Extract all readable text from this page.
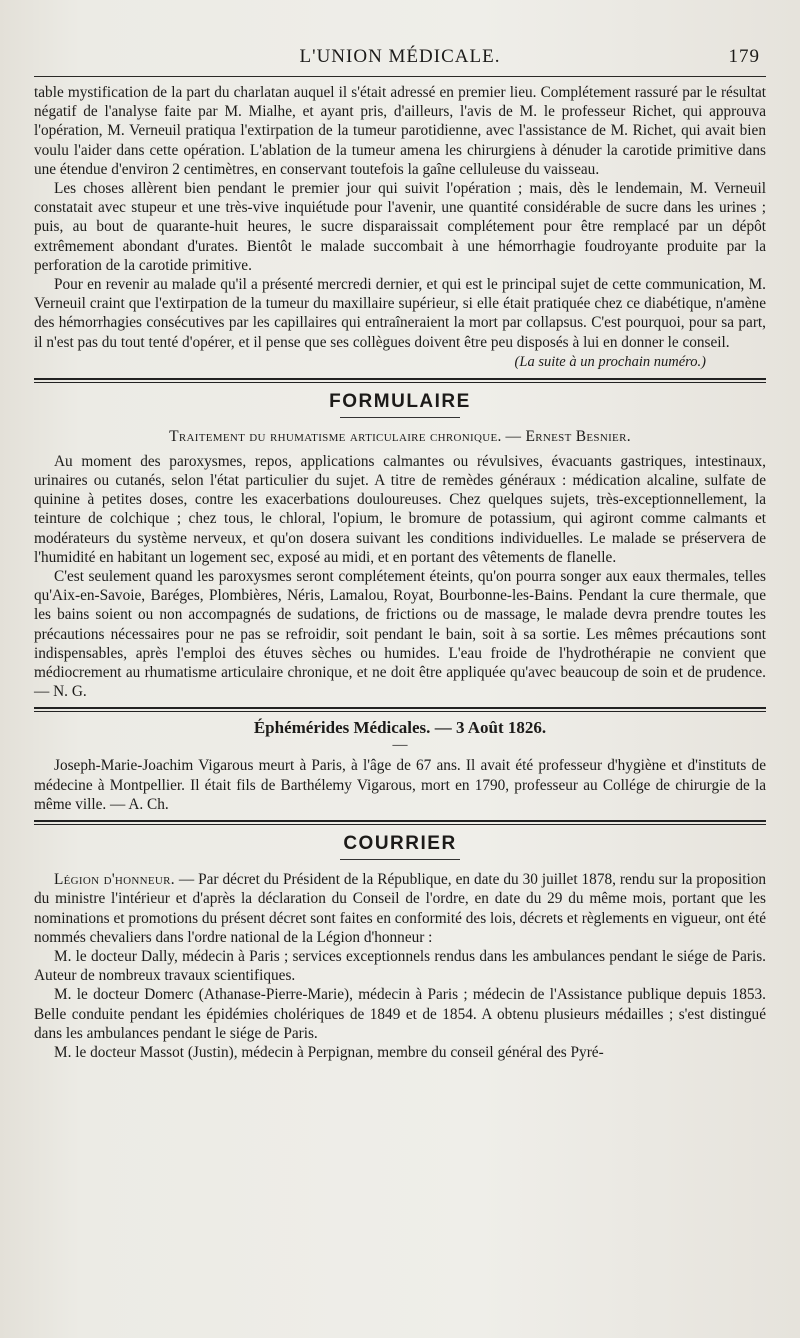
L'UNION MÉDICALE.	179

table mystification de la part du charlatan auquel il s'était adressé en premier lieu. Complétement rassuré par le résultat négatif de l'analyse faite par M. Mialhe, et ayant pris, d'ailleurs, l'avis de M. le professeur Richet, qui approuva l'opération, M. Verneuil pratiqua l'extirpation de la tumeur parotidienne, avec l'assistance de M. Richet, qui avait bien voulu l'aider dans cette opération. L'ablation de la tumeur amena les chirurgiens à dénuder la carotide primitive dans une étendue d'environ 2 centimètres, en conservant toutefois la gaîne celluleuse du vaisseau.

Les choses allèrent bien pendant le premier jour qui suivit l'opération ; mais, dès le lendemain, M. Verneuil constatait avec stupeur et une très-vive inquiétude pour l'avenir, une quantité considérable de sucre dans les urines ; puis, au bout de quarante-huit heures, le sucre disparaissait complétement pour être remplacé par un dépôt extrêmement abondant d'urates. Bientôt le malade succombait à une hémorrhagie foudroyante produite par la perforation de la carotide primitive.

Pour en revenir au malade qu'il a présenté mercredi dernier, et qui est le principal sujet de cette communication, M. Verneuil craint que l'extirpation de la tumeur du maxillaire supérieur, si elle était pratiquée chez ce diabétique, n'amène des hémorrhagies consécutives par les capillaires qui entraîneraient la mort par collapsus. C'est pourquoi, pour sa part, il n'est pas du tout tenté d'opérer, et il pense que ses collègues doivent être peu disposés à lui en donner le conseil.

(La suite à un prochain numéro.)
FORMULAIRE
Traitement du rhumatisme articulaire chronique. — Ernest Besnier.

Au moment des paroxysmes, repos, applications calmantes ou révulsives, évacuants gastriques, intestinaux, urinaires ou cutanés, selon l'état particulier du sujet. A titre de remèdes généraux : médication alcaline, sulfate de quinine à petites doses, contre les exacerbations douloureuses. Chez quelques sujets, très-exceptionnellement, la teinture de colchique ; chez tous, le chloral, l'opium, le bromure de potassium, qui agiront comme calmants et modérateurs du système nerveux, et qu'on dosera suivant les conditions individuelles. Le malade se préservera de l'humidité en habitant un logement sec, exposé au midi, et en portant des vêtements de flanelle.

C'est seulement quand les paroxysmes seront complétement éteints, qu'on pourra songer aux eaux thermales, telles qu'Aix-en-Savoie, Baréges, Plombières, Néris, Lamalou, Royat, Bourbonne-les-Bains. Pendant la cure thermale, que les bains soient ou non accompagnés de sudations, de frictions ou de massage, le malade devra prendre toutes les précautions nécessaires pour ne pas se refroidir, soit pendant le bain, soit à sa sortie. Les mêmes précautions sont indispensables, après l'emploi des étuves sèches ou humides. L'eau froide de l'hydrothérapie ne convient que médiocrement au rhumatisme articulaire chronique, et ne doit être appliquée qu'avec beaucoup de soin et de prudence. — N. G.

Éphémérides Médicales. — 3 Août 1826.
—

Joseph-Marie-Joachim Vigarous meurt à Paris, à l'âge de 67 ans. Il avait été professeur d'hygiène et d'instituts de médecine à Montpellier. Il était fils de Barthélemy Vigarous, mort en 1790, professeur au Collége de chirurgie de la même ville. — A. Ch.

COURRIER

Légion d'honneur. — Par décret du Président de la République, en date du 30 juillet 1878, rendu sur la proposition du ministre l'intérieur et d'après la déclaration du Conseil de l'ordre, en date du 29 du même mois, portant que les nominations et promotions du présent décret sont faites en conformité des lois, décrets et règlements en vigueur, ont été nommés chevaliers dans l'ordre national de la Légion d'honneur :

M. le docteur Dally, médecin à Paris ; services exceptionnels rendus dans les ambulances pendant le siége de Paris. Auteur de nombreux travaux scientifiques.

M. le docteur Domerc (Athanase-Pierre-Marie), médecin à Paris ; médecin de l'Assistance publique depuis 1853. Belle conduite pendant les épidémies cholériques de 1849 et de 1854. A obtenu plusieurs médailles ; s'est distingué dans les ambulances pendant le siége de Paris.

M. le docteur Massot (Justin), médecin à Perpignan, membre du conseil général des Pyré-
